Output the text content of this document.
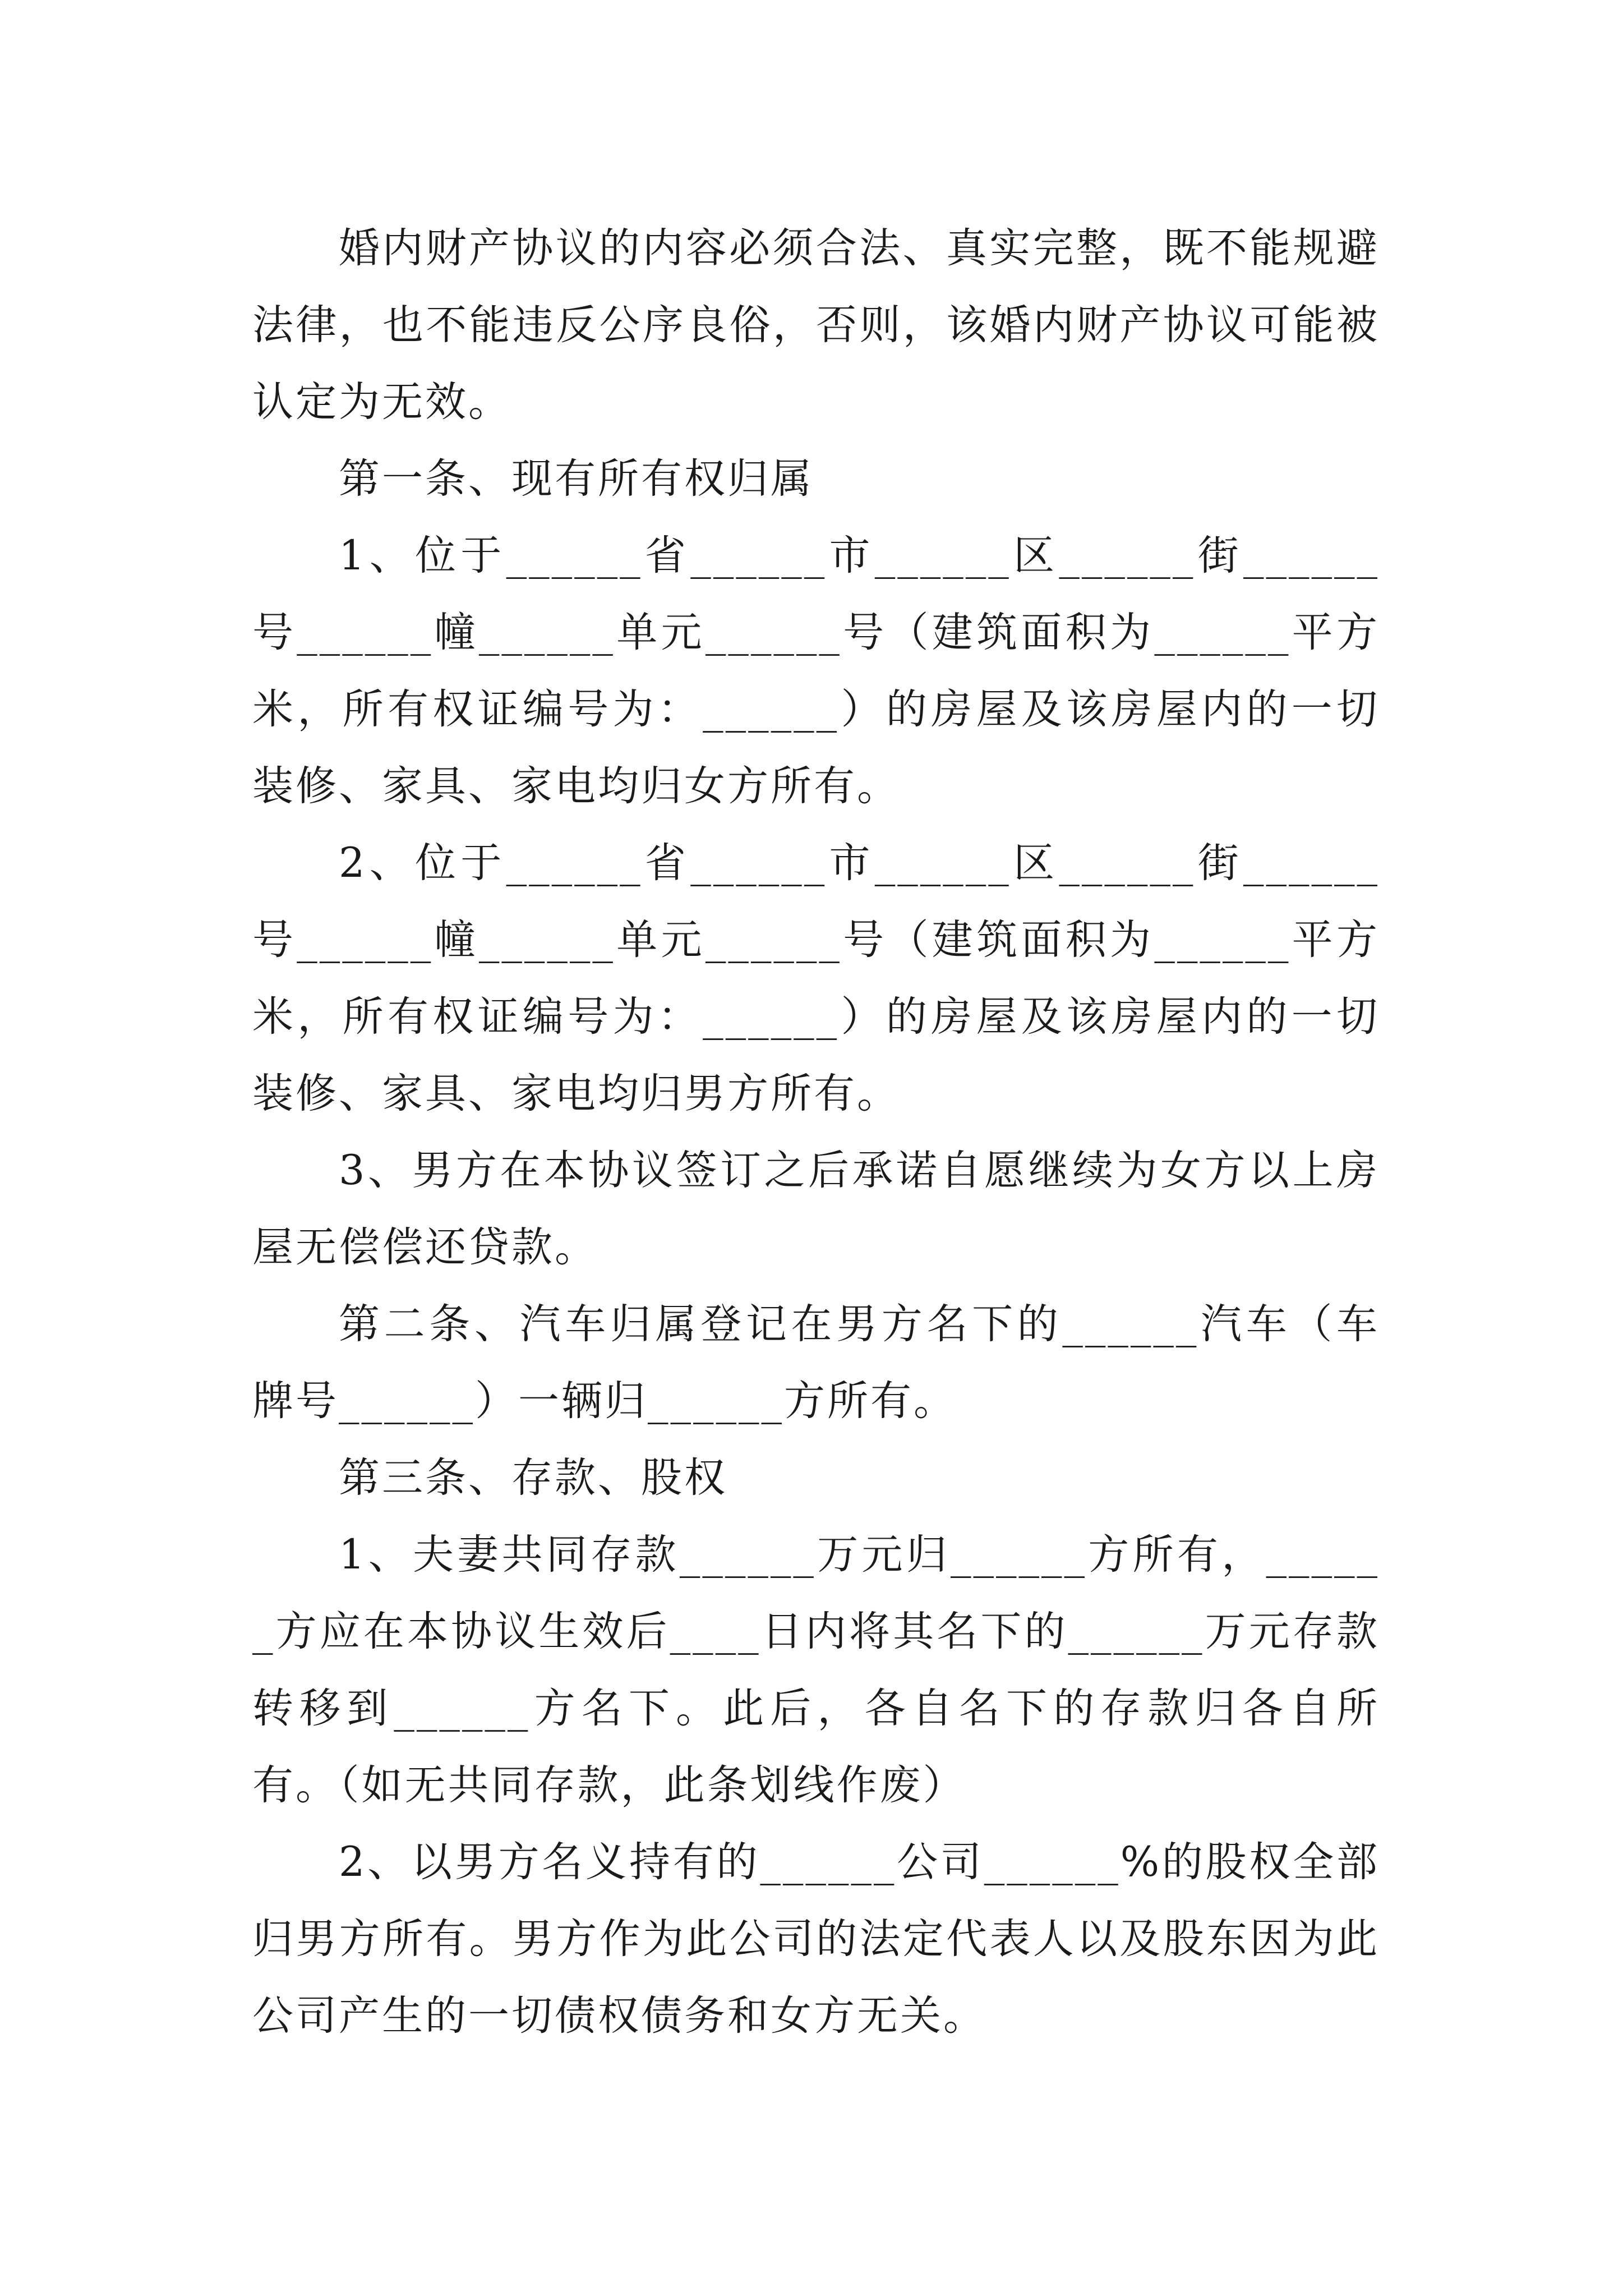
婚内财产协议的内容必须合法、真实完整，既不能规避法律，也不能违反公序良俗，否则，该婚内财产协议可能被认定为无效。

第一条、现有所有权归属

1、位于______省______市______区______街______号______幢______单元______号（建筑面积为______平方米，所有权证编号为：______）的房屋及该房屋内的一切装修、家具、家电均归女方所有。

2、位于______省______市______区______街______号______幢______单元______号（建筑面积为______平方米，所有权证编号为：______）的房屋及该房屋内的一切装修、家具、家电均归男方所有。

3、男方在本协议签订之后承诺自愿继续为女方以上房屋无偿偿还贷款。

第二条、汽车归属登记在男方名下的______汽车（车牌号______）一辆归______方所有。

第三条、存款、股权

1、夫妻共同存款______万元归______方所有，______方应在本协议生效后____日内将其名下的______万元存款转移到______方名下。此后，各自名下的存款归各自所有。（如无共同存款，此条划线作废）

2、以男方名义持有的______公司______%的股权全部归男方所有。男方作为此公司的法定代表人以及股东因为此公司产生的一切债权债务和女方无关。
